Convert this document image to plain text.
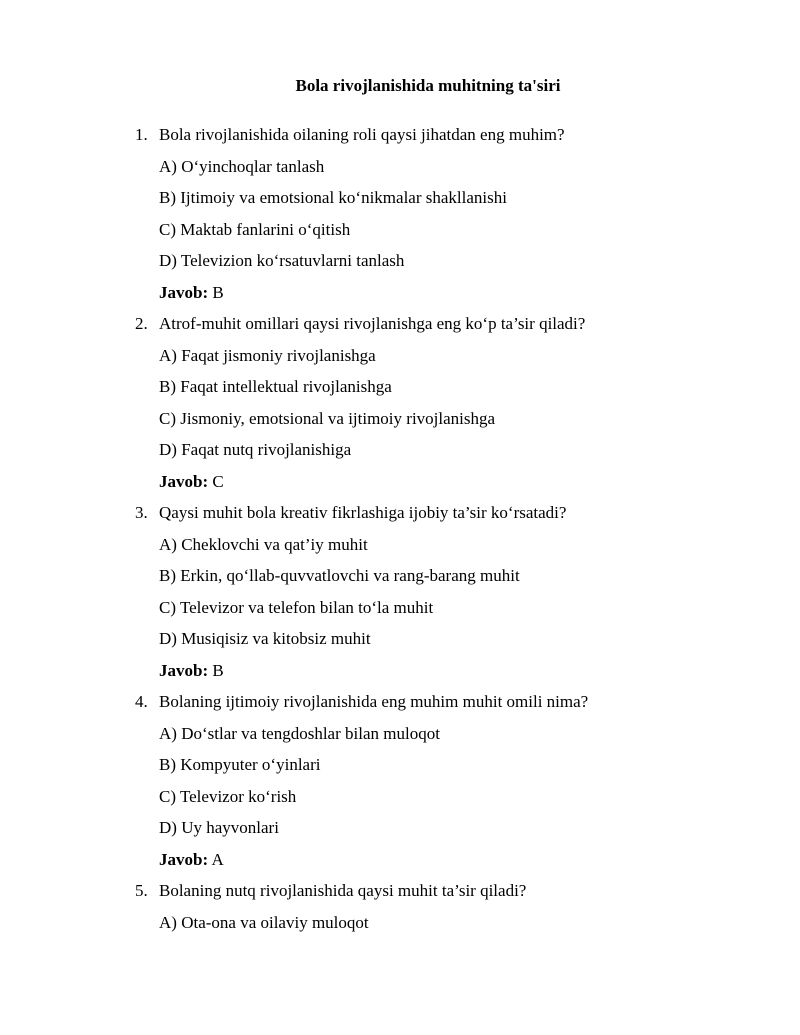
Bola rivojlanishida muhitning ta'siri
1. Bola rivojlanishida oilaning roli qaysi jihatdan eng muhim?
A) O‘yinchoqlar tanlash
B) Ijtimoiy va emotsional ko‘nikmalar shakllanishi
C) Maktab fanlarini o‘qitish
D) Televizion ko‘rsatuvlarni tanlash
Javob: B
2. Atrof-muhit omillari qaysi rivojlanishga eng ko‘p ta’sir qiladi?
A) Faqat jismoniy rivojlanishga
B) Faqat intellektual rivojlanishga
C) Jismoniy, emotsional va ijtimoiy rivojlanishga
D) Faqat nutq rivojlanishiga
Javob: C
3. Qaysi muhit bola kreativ fikrlashiga ijobiy ta’sir ko‘rsatadi?
A) Cheklovchi va qat’iy muhit
B) Erkin, qo‘llab-quvvatlovchi va rang-barang muhit
C) Televizor va telefon bilan to‘la muhit
D) Musiqisiz va kitobsiz muhit
Javob: B
4. Bolaning ijtimoiy rivojlanishida eng muhim muhit omili nima?
A) Do‘stlar va tengdoshlar bilan muloqot
B) Kompyuter o‘yinlari
C) Televizor ko‘rish
D) Uy hayvonlari
Javob: A
5. Bolaning nutq rivojlanishida qaysi muhit ta’sir qiladi?
A) Ota-ona va oilaviy muloqot
